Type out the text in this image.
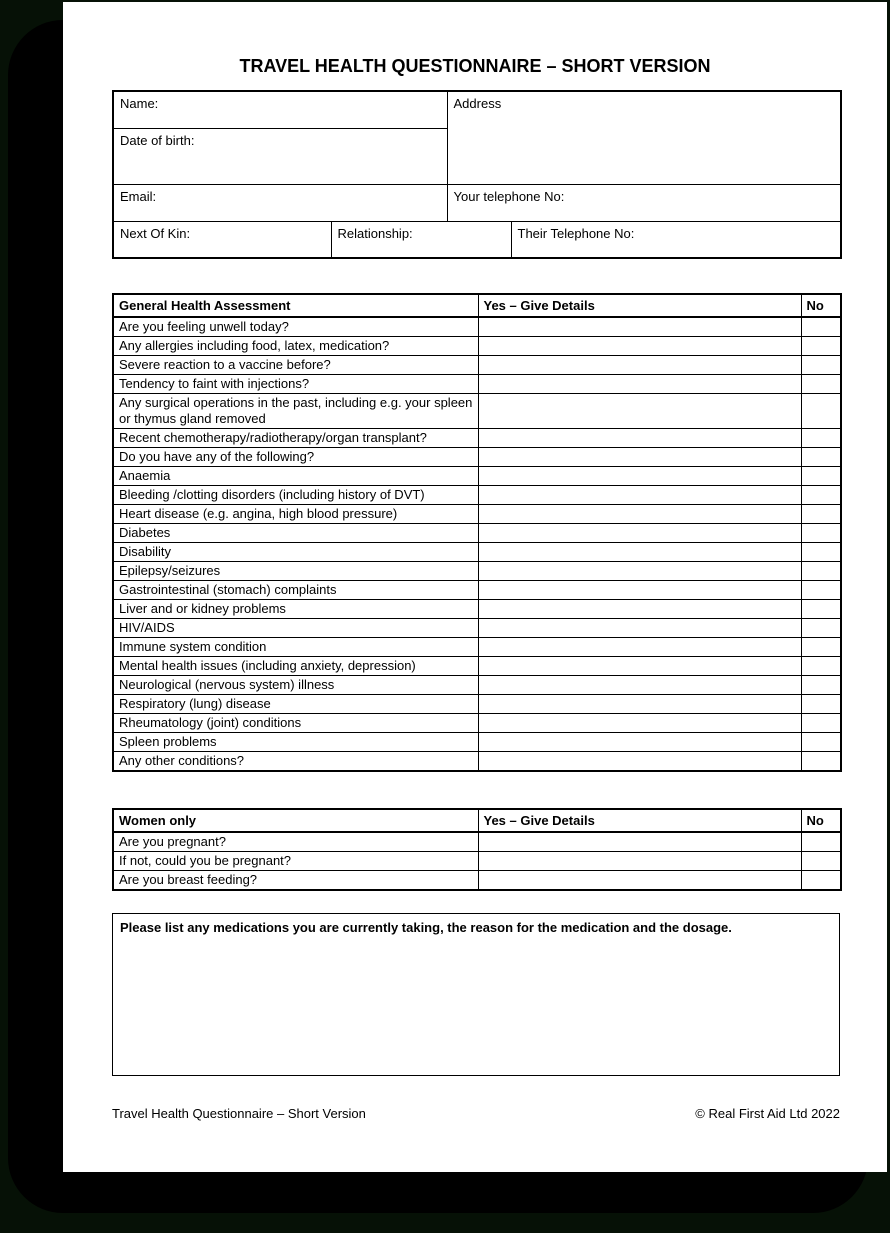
TRAVEL HEALTH QUESTIONNAIRE – SHORT VERSION
Name:		Address	
Date of birth:			
Email:		Your telephone No:	
Next Of Kin:	Relationship:		Their Telephone No:
General Health Assessment	Yes – Give Details	No
Are you feeling unwell today?		
Any allergies including food, latex, medication?		
Severe reaction to a vaccine before?		
Tendency to faint with injections?		
Any surgical operations in the past, including e.g. your spleen or thymus gland removed		
Recent chemotherapy/radiotherapy/organ transplant?		
Do you have any of the following?		
Anaemia		
Bleeding /clotting disorders (including history of DVT)		
Heart disease (e.g. angina, high blood pressure)		
Diabetes		
Disability		
Epilepsy/seizures		
Gastrointestinal (stomach) complaints		
Liver and or kidney problems		
HIV/AIDS		
Immune system condition		
Mental health issues (including anxiety, depression)		
Neurological (nervous system) illness		
Respiratory (lung) disease		
Rheumatology (joint) conditions		
Spleen problems		
Any other conditions?		
Women only	Yes – Give Details	No
Are you pregnant?		
If not, could you be pregnant?		
Are you breast feeding?		
Please list any medications you are currently taking, the reason for the medication and the dosage.
Travel Health Questionnaire – Short Version	© Real First Aid Ltd 2022
